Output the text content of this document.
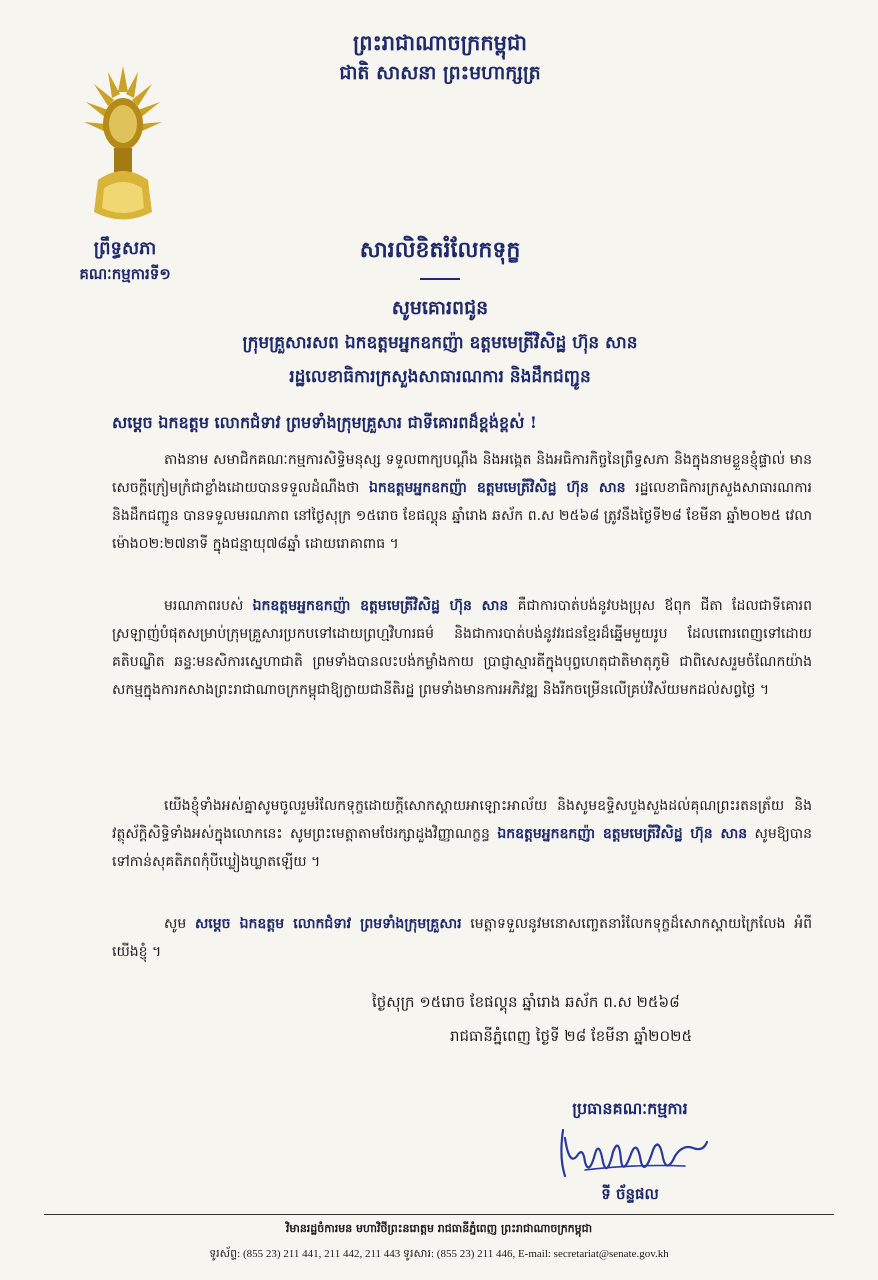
ព្រះរាជាណាចក្រកម្ពុជា
ជាតិ សាសនា ព្រះមហាក្សត្រ
ព្រឹទ្ធសភា
គណៈកម្មការទី១
សារលិខិតរំលែកទុក្ខ
សូមគោរពជូន
ក្រុមគ្រួសារសព ឯកឧត្តមអ្នកឧកញ៉ា ឧត្តមមេត្រីវិសិដ្ឋ ហ៊ុន សាន
រដ្ឋលេខាធិការក្រសួងសាធារណការ និងដឹកជញ្ជូន
សម្តេច ឯកឧត្តម លោកជំទាវ ព្រមទាំងក្រុមគ្រួសារ ជាទីគោរពដ៏ខ្ពង់ខ្ពស់ !
តាងនាម សមាជិកគណៈកម្មការសិទ្ធិមនុស្ស ទទួលពាក្យបណ្តឹង និងអង្កេត និងអធិការកិច្ចនៃព្រឹទ្ធសភា និងក្នុងនាមខ្លួនខ្ញុំផ្ទាល់ មានសេចក្តីក្រៀមក្រំជាខ្លាំងដោយបានទទួលដំណឹងថា ឯកឧត្តមអ្នកឧកញ៉ា ឧត្តមមេត្រីវិសិដ្ឋ ហ៊ុន សាន រដ្ឋលេខាធិការក្រសួងសាធារណការ និងដឹកជញ្ជូន បានទទួលមរណភាព នៅថ្ងៃសុក្រ ១៥រោច ខែផល្គុន ឆ្នាំរោង ឆស័ក ព.ស ២៥៦៨ ត្រូវនឹងថ្ងៃទី២៨ ខែមីនា ឆ្នាំ២០២៥ វេលាម៉ោង០២:២៧នាទី ក្នុងជន្មាយុ៧៨ឆ្នាំ ដោយរោគាពាធ ។
មរណភាពរបស់ ឯកឧត្តមអ្នកឧកញ៉ា ឧត្តមមេត្រីវិសិដ្ឋ ហ៊ុន សាន គឺជាការបាត់បង់នូវបងប្រុស ឪពុក ជីតា ដែលជាទីគោរពស្រឡាញ់បំផុតសម្រាប់ក្រុមគ្រួសារប្រកបទៅដោយព្រហ្មវិហារធម៌ និងជាការបាត់បង់នូវវរជនខ្មែរដ៏ឆ្នើមមួយរូប ដែលពោរពេញទៅដោយគតិបណ្ឌិត ឆន្ទៈមនសិការស្នេហាជាតិ ព្រមទាំងបានលះបង់កម្លាំងកាយ ប្រាជ្ញាស្មារតីក្នុងបុព្វហេតុជាតិមាតុភូមិ ជាពិសេសរួមចំណែកយ៉ាងសកម្មក្នុងការកសាងព្រះរាជាណាចក្រកម្ពុជាឱ្យក្លាយជានីតិរដ្ឋ ព្រមទាំងមានការអភិវឌ្ឍ និងរីកចម្រើនលើគ្រប់វិស័យមកដល់សព្វថ្ងៃ ។
យើងខ្ញុំទាំងអស់គ្នាសូមចូលរួមរំលែកទុក្ខដោយក្តីសោកស្តាយអាឡោះអាល័យ និងសូមឧទ្ទិសបួងសួងដល់គុណព្រះរតនត្រ័យ និងវត្ថុស័ក្តិសិទ្ធិទាំងអស់ក្នុងលោកនេះ សូមព្រះមេត្តាតាមថែរក្សាដួងវិញ្ញាណក្ខន្ធ ឯកឧត្តមអ្នកឧកញ៉ា ឧត្តមមេត្រីវិសិដ្ឋ ហ៊ុន សាន សូមឱ្យបានទៅកាន់សុគតិភពកុំបីឃ្លៀងឃ្លាតឡើយ ។
សូម សម្តេច ឯកឧត្តម លោកជំទាវ ព្រមទាំងក្រុមគ្រួសារ មេត្តាទទួលនូវមនោសញ្ចេតនារំលែកទុក្ខដ៏សោកស្តាយក្រៃលែង អំពីយើងខ្ញុំ ។
ថ្ងៃសុក្រ ១៥រោច ខែផល្គុន ឆ្នាំរោង ឆស័ក ព.ស ២៥៦៨
រាជធានីភ្នំពេញ ថ្ងៃទី ២៨ ខែមីនា ឆ្នាំ២០២៥
ប្រធានគណៈកម្មការ
ទី ច័ន្ទផល
វិមានរដ្ឋចំការមន មហាវិថីព្រះនរោត្តម រាជធានីភ្នំពេញ ព្រះរាជាណាចក្រកម្ពុជា
ទូរស័ព្ទ: (855 23) 211 441, 211 442, 211 443 ទូរសារ: (855 23) 211 446, E-mail: secretariat@senate.gov.kh
